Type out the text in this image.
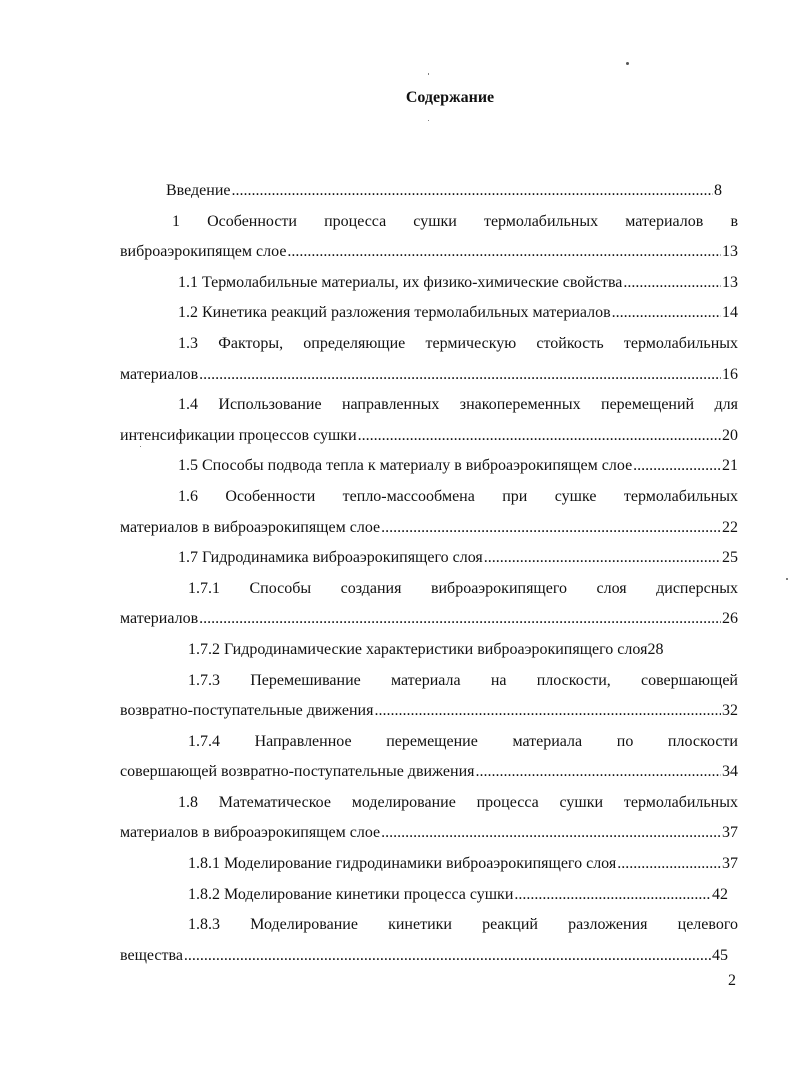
Содержание
Введение .....	8
1 Особенности процесса сушки термолабильных материалов в
виброаэрокипящем слое .....	13
1.1 Термолабильные материалы, их физико-химические свойства .....	13
1.2 Кинетика реакций разложения термолабильных материалов .....	14
1.3 Факторы, определяющие термическую стойкость термолабильных
материалов .....	16
1.4 Использование направленных знакопеременных перемещений для
интенсификации процессов сушки .....	20
1.5 Способы подвода тепла к материалу в виброаэрокипящем слое .....	21
1.6 Особенности тепло-массообмена при сушке термолабильных
материалов в виброаэрокипящем слое .....	22
1.7 Гидродинамика виброаэрокипящего слоя .....	25
1.7.1 Способы создания виброаэрокипящего слоя дисперсных
материалов .....	26
1.7.2 Гидродинамические характеристики виброаэрокипящего слоя 28
1.7.3 Перемешивание материала на плоскости, совершающей
возвратно-поступательные движения .....	32
1.7.4 Направленное перемещение материала по плоскости
совершающей возвратно-поступательные движения .....	34
1.8 Математическое моделирование процесса сушки термолабильных
материалов в виброаэрокипящем слое .....	37
1.8.1 Моделирование гидродинамики виброаэрокипящего слоя .....	37
1.8.2 Моделирование кинетики процесса сушки .....	42
1.8.3 Моделирование кинетики реакций разложения целевого
вещества .....	45
2
